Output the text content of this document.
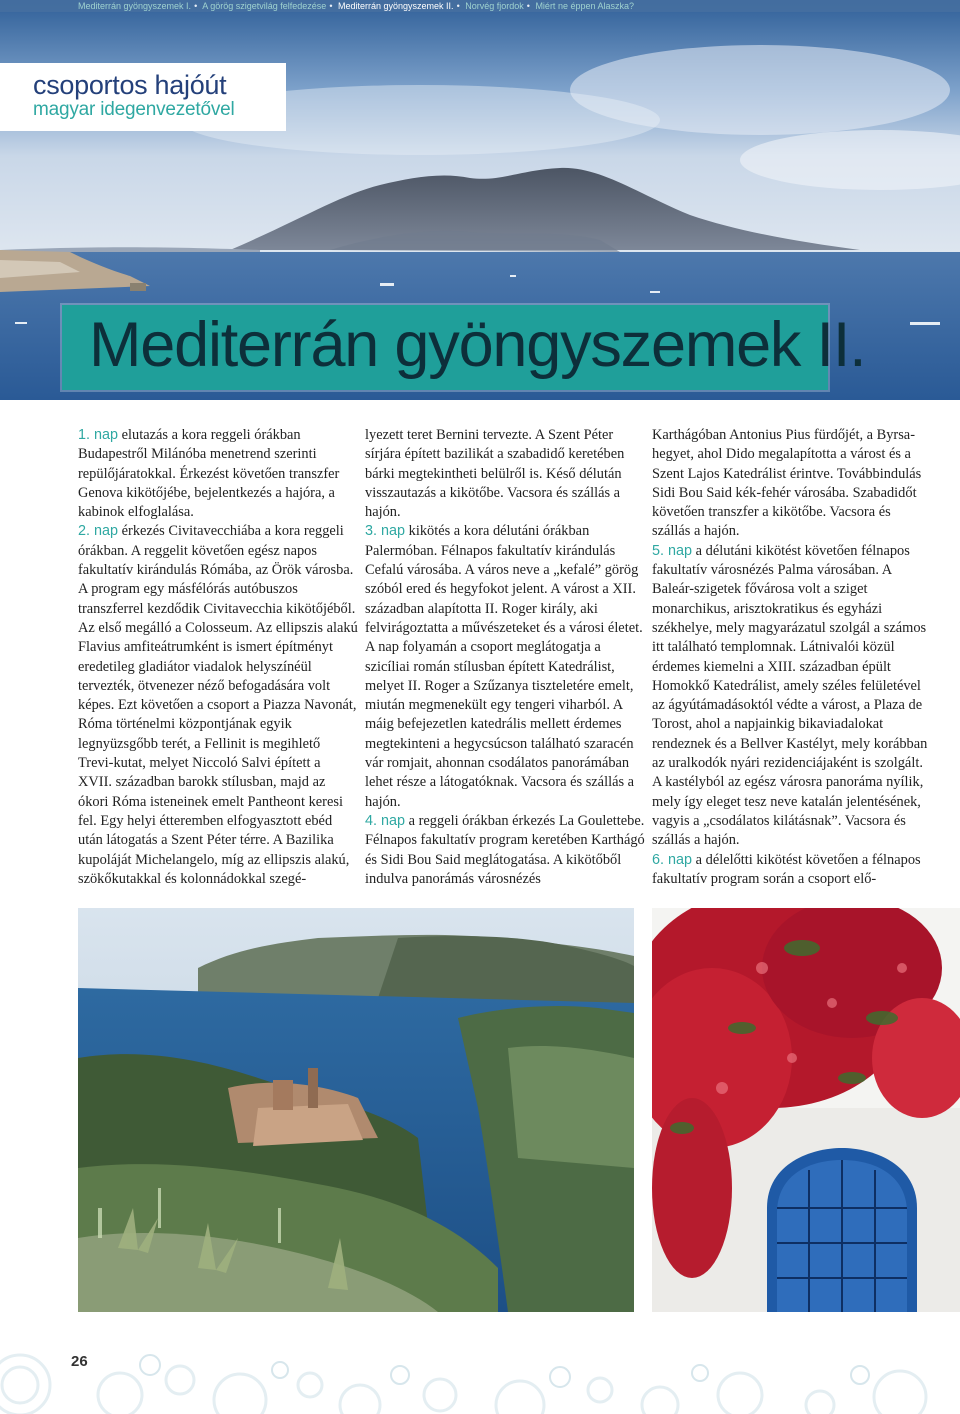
Mediterrán gyöngyszemek I. • A görög szigetvilág felfedezése • Mediterrán gyöngyszemek II. • Norvég fjordok • Miért ne éppen Alaszka?
csoportos hajóút
magyar idegenvezetővel
Mediterrán gyöngyszemek II.

1. nap elutazás a kora reggeli órákban Budapestről Milánóba menetrend szerinti repülőjáratokkal. Érkezést követően transzfer Genova kikötőjébe, bejelentkezés a hajóra, a kabinok elfoglalása.

2. nap érkezés Civitavecchiába a kora reggeli órákban. A reggelit követően egész napos fakultatív kirándulás Rómába, az Örök városba. A program egy másfélórás autóbuszos transzferrel kezdődik Civitavecchia kikötőjéből. Az első megálló a Colosseum. Az ellipszis alakú Flavius amfiteátrumként is ismert építményt eredetileg gladiátor viadalok helyszínéül tervezték, ötvenezer néző befogadására volt képes. Ezt követően a csoport a Piazza Navonát, Róma történelmi központjának egyik legnyüzsgőbb terét, a Fellinit is megihlető Trevi-kutat, melyet Niccoló Salvi épített a XVII. században barokk stílusban, majd az ókori Róma isteneinek emelt Pantheont keresi fel. Egy helyi étteremben elfogyasztott ebéd után látogatás a Szent Péter térre. A Bazilika kupoláját Michelangelo, míg az ellipszis alakú, szökőkutakkal és kolonnádokkal szegé-

lyezett teret Bernini tervezte. A Szent Péter sírjára épített bazilikát a szabadidő keretében bárki megtekintheti belülről is. Késő délután visszautazás a kikötőbe. Vacsora és szállás a hajón.

3. nap kikötés a kora délutáni órákban Palermóban. Félnapos fakultatív kirándulás Cefalú városába. A város neve a „kefalé” görög szóból ered és hegyfokot jelent. A várost a XII. században alapította II. Roger király, aki felvirágoztatta a művészeteket és a városi életet. A nap folyamán a csoport meglátogatja a szicíliai román stílusban épített Katedrálist, melyet II. Roger a Szűzanya tiszteletére emelt, miután megmenekült egy tengeri viharból. A máig befejezetlen katedrális mellett érdemes megtekinteni a hegycsúcson található szaracén vár romjait, ahonnan csodálatos panorámában lehet része a látogatóknak. Vacsora és szállás a hajón.

4. nap a reggeli órákban érkezés La Goulettebe. Félnapos fakultatív program keretében Karthágó és Sidi Bou Said meglátogatása. A kikötőből indulva panorámás városnézés

Karthágóban Antonius Pius fürdőjét, a Byrsa-hegyet, ahol Dido megalapította a várost és a Szent Lajos Katedrálist érintve. Továbbindulás Sidi Bou Said kék-fehér városába. Szabadidőt követően transzfer a kikötőbe. Vacsora és szállás a hajón.

5. nap a délutáni kikötést követően félnapos fakultatív városnézés Palma városában. A Baleár-szigetek fővárosa volt a sziget monarchikus, arisztokratikus és egyházi székhelye, mely magyarázatul szolgál a számos itt található templomnak. Látnivalói közül érdemes kiemelni a XIII. században épült Homokkő Katedrálist, amely széles felületével az ágyútámadásoktól védte a várost, a Plaza de Torost, ahol a napjainkig bikaviadalokat rendeznek és a Bellver Kastélyt, mely korábban az uralkodók nyári rezidenciájaként is szolgált. A kastélyból az egész városra panoráma nyílik, mely így eleget tesz neve katalán jelentésének, vagyis a „csodálatos kilátásnak”. Vacsora és szállás a hajón.

6. nap a délelőtti kikötést követően a félnapos fakultatív program során a csoport elő-

26
